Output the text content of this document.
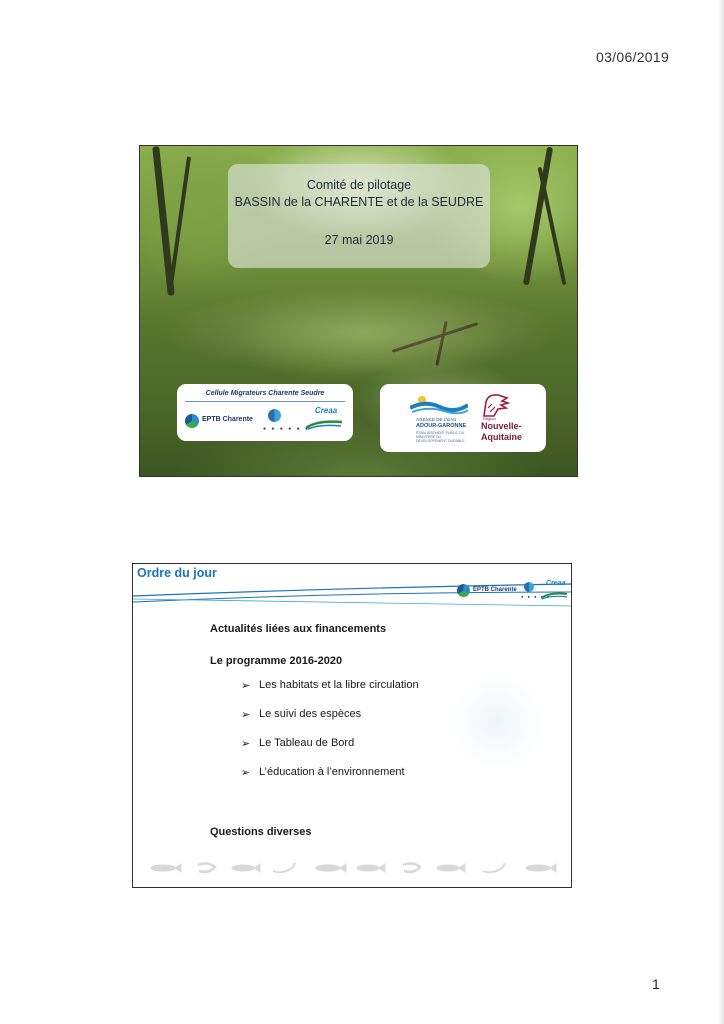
03/06/2019
Comité de pilotage
BASSIN de la CHARENTE et de la SEUDRE
27 mai 2019
Cellule Migrateurs Charente Seudre
EPTB Charente
● ● ● ● ● ●
Creaa
AGENCE DE L'EAU
ADOUR-GARONNE
ÉTABLISSEMENT PUBLIC DU MINISTÈRE DU DÉVELOPPEMENT DURABLE
Région
Nouvelle-
Aquitaine
Ordre du jour
EPTB Charente
● ● ● ● ●
Creaa
Actualités liées aux financements
Le programme 2016-2020
➢ Les habitats et la libre circulation
➢ Le suivi des espèces
➢ Le Tableau de Bord
➢ L’éducation à l’environnement
Questions diverses
1
